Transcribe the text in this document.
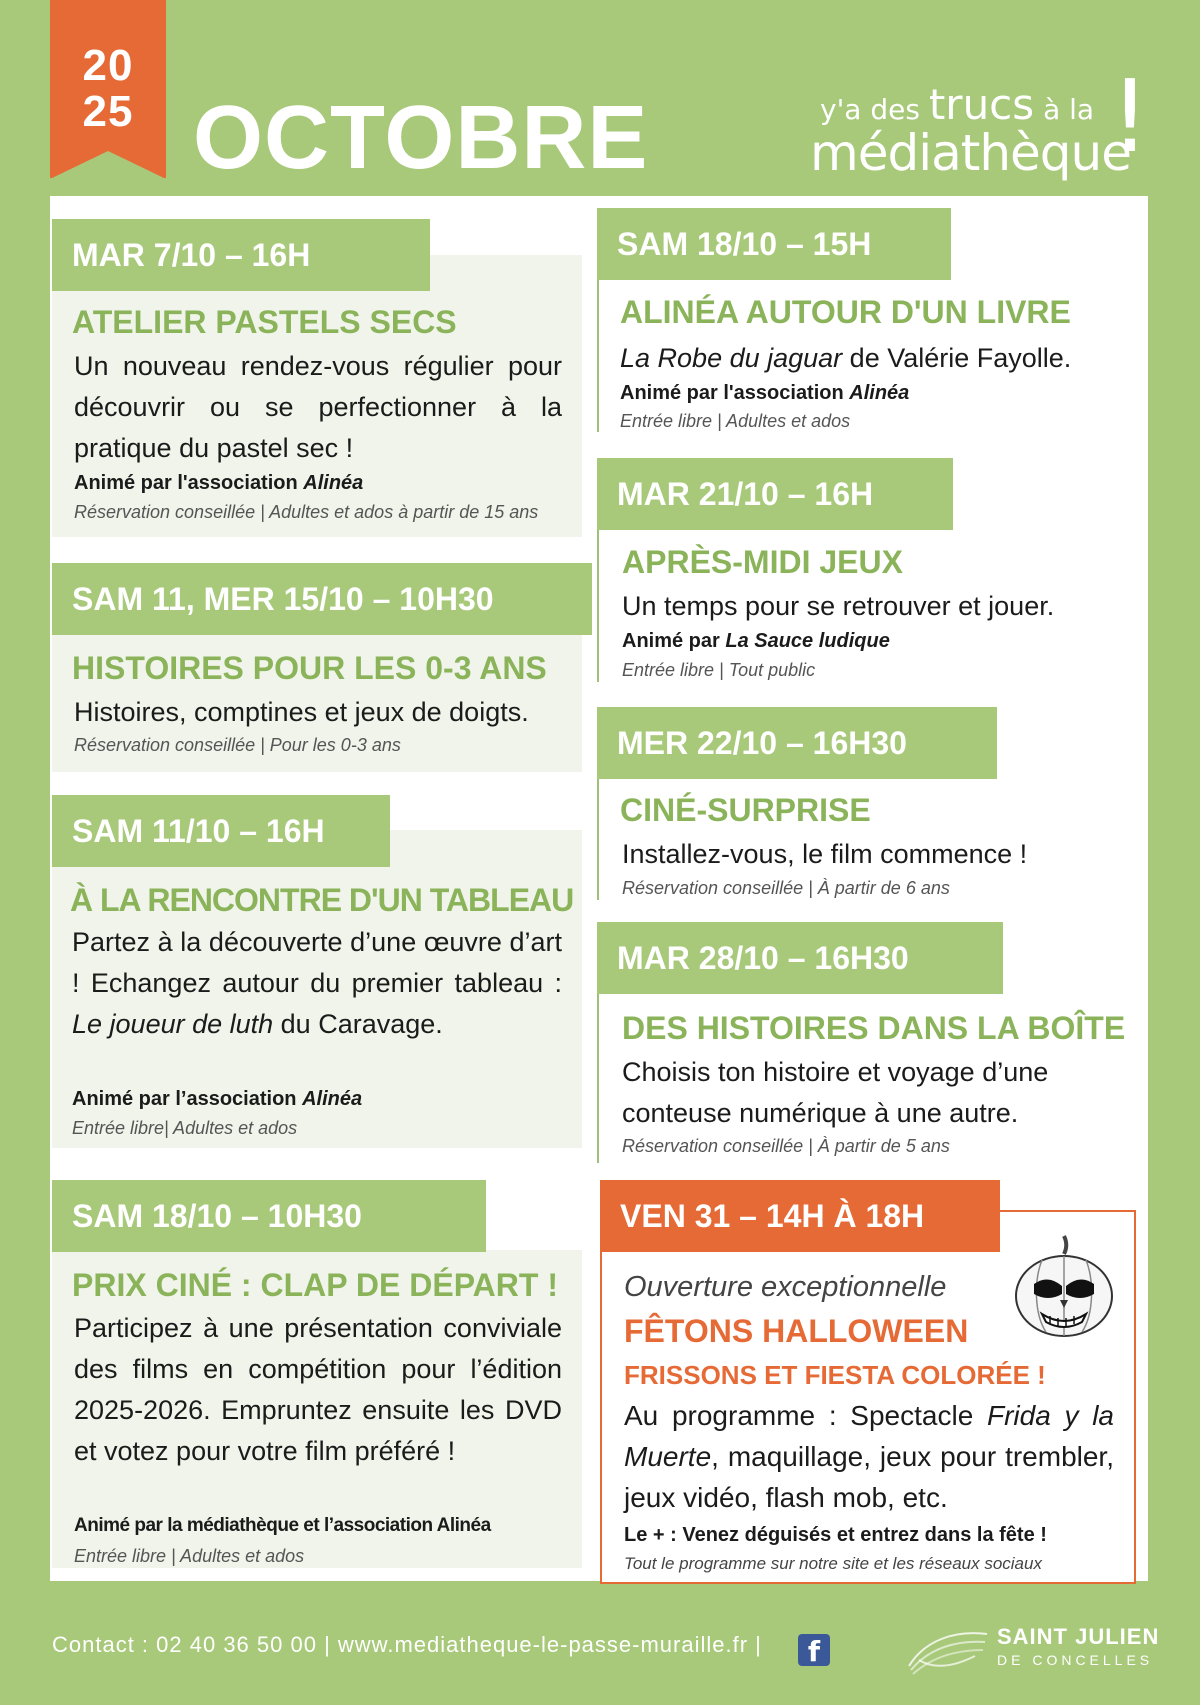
20
25 OCTOBRE	y'a des trucs à la
médiathèque
!
MAR 7/10 – 16H
ATELIER PASTELS SECS
Un nouveau rendez-vous régulier pour découvrir ou se perfectionner à la pratique du pastel sec !
Animé par l'association Alinéa
Réservation conseillée | Adultes et ados à partir de 15 ans
SAM 11, MER 15/10 – 10H30
HISTOIRES POUR LES 0-3 ANS
Histoires, comptines et jeux de doigts.
Réservation conseillée | Pour les 0-3 ans
SAM 11/10 – 16H
À LA RENCONTRE D'UN TABLEAU
Partez à la découverte d’une œuvre d’art ! Echangez autour du premier tableau : Le joueur de luth du Caravage.
Animé par l’association Alinéa
Entrée libre| Adultes et ados
SAM 18/10 – 10H30
PRIX CINÉ : CLAP DE DÉPART !
Participez à une présentation conviviale des films en compétition pour l’édition 2025-2026. Empruntez ensuite les DVD et votez pour votre film préféré !
Animé par la médiathèque et l’association Alinéa
Entrée libre | Adultes et ados
SAM 18/10 – 15H
ALINÉA AUTOUR D'UN LIVRE
La Robe du jaguar de Valérie Fayolle.
Animé par l'association Alinéa
Entrée libre | Adultes et ados
MAR 21/10 – 16H
APRÈS-MIDI JEUX
Un temps pour se retrouver et jouer.
Animé par La Sauce ludique
Entrée libre | Tout public
MER 22/10 – 16H30
CINÉ-SURPRISE
Installez-vous, le film commence !
Réservation conseillée | À partir de 6 ans
MAR 28/10 – 16H30
DES HISTOIRES DANS LA BOÎTE
Choisis ton histoire et voyage d’une conteuse numérique à une autre.
Réservation conseillée | À partir de 5 ans
VEN 31 – 14H À 18H
Ouverture exceptionnelle
FÊTONS HALLOWEEN
FRISSONS ET FIESTA COLORÉE !
Au programme : Spectacle Frida y la Muerte, maquillage, jeux pour trembler, jeux vidéo, flash mob, etc.
Le + : Venez déguisés et entrez dans la fête !
Tout le programme sur notre site et les réseaux sociaux
Contact : 02 40 36 50 00 | www.mediatheque-le-passe-muraille.fr |	f	SAINT JULIEN
DE CONCELLES
